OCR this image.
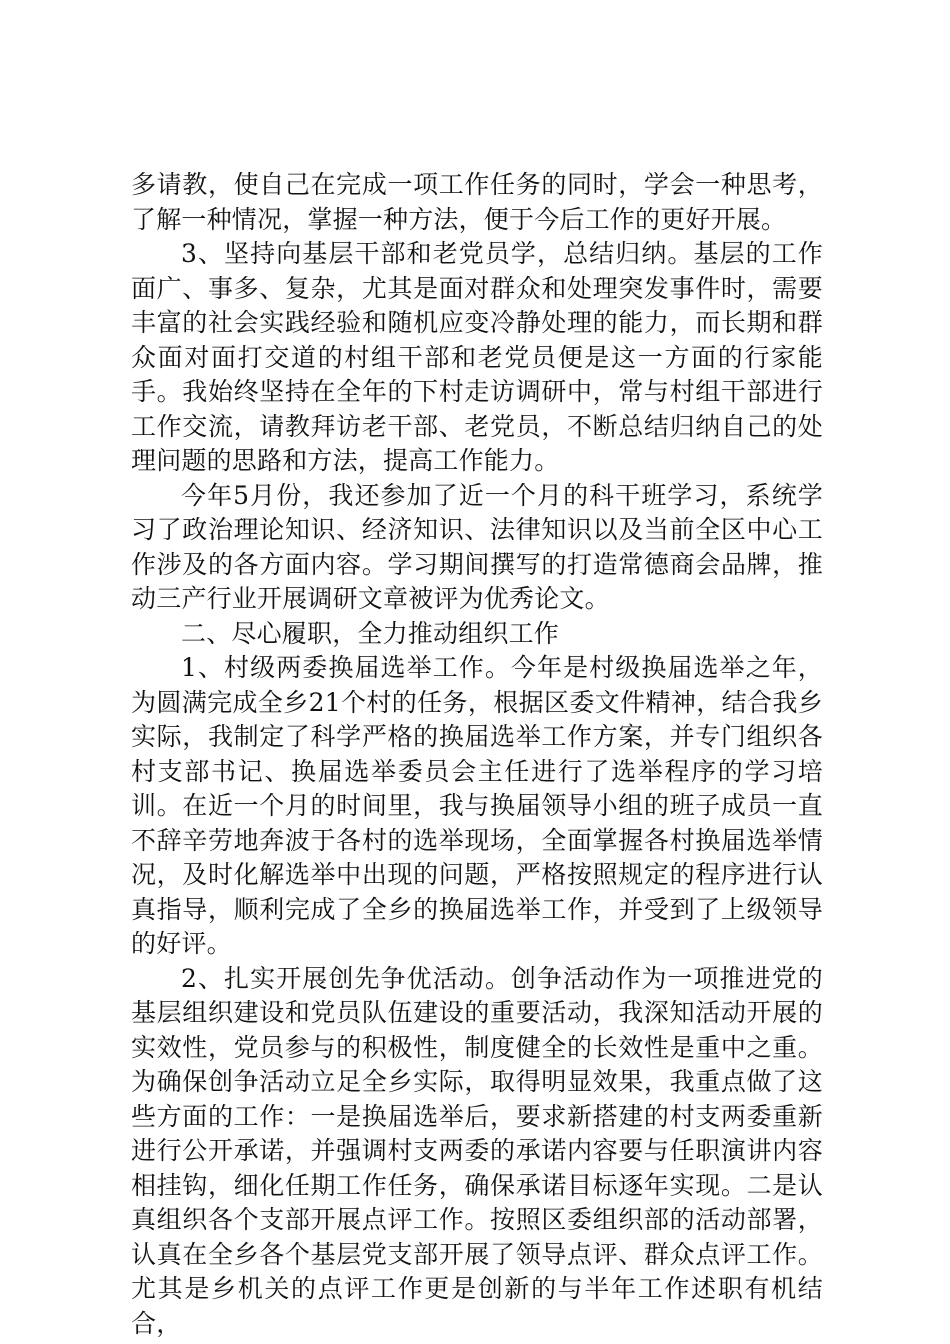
多请教，使自己在完成一项工作任务的同时，学会一种思考，了解一种情况，掌握一种方法，便于今后工作的更好开展。

3、坚持向基层干部和老党员学，总结归纳。基层的工作面广、事多、复杂，尤其是面对群众和处理突发事件时，需要丰富的社会实践经验和随机应变冷静处理的能力，而长期和群众面对面打交道的村组干部和老党员便是这一方面的行家能手。我始终坚持在全年的下村走访调研中，常与村组干部进行工作交流，请教拜访老干部、老党员，不断总结归纳自己的处理问题的思路和方法，提高工作能力。

今年5月份，我还参加了近一个月的科干班学习，系统学习了政治理论知识、经济知识、法律知识以及当前全区中心工作涉及的各方面内容。学习期间撰写的打造常德商会品牌，推动三产行业开展调研文章被评为优秀论文。

二、尽心履职，全力推动组织工作

1、村级两委换届选举工作。今年是村级换届选举之年，为圆满完成全乡21个村的任务，根据区委文件精神，结合我乡实际，我制定了科学严格的换届选举工作方案，并专门组织各村支部书记、换届选举委员会主任进行了选举程序的学习培训。在近一个月的时间里，我与换届领导小组的班子成员一直不辞辛劳地奔波于各村的选举现场，全面掌握各村换届选举情况，及时化解选举中出现的问题，严格按照规定的程序进行认真指导，顺利完成了全乡的换届选举工作，并受到了上级领导的好评。

2、扎实开展创先争优活动。创争活动作为一项推进党的基层组织建设和党员队伍建设的重要活动，我深知活动开展的实效性，党员参与的积极性，制度健全的长效性是重中之重。为确保创争活动立足全乡实际，取得明显效果，我重点做了这些方面的工作：一是换届选举后，要求新搭建的村支两委重新进行公开承诺，并强调村支两委的承诺内容要与任职演讲内容相挂钩，细化任期工作任务，确保承诺目标逐年实现。二是认真组织各个支部开展点评工作。按照区委组织部的活动部署，认真在全乡各个基层党支部开展了领导点评、群众点评工作。尤其是乡机关的点评工作更是创新的与半年工作述职有机结合，
